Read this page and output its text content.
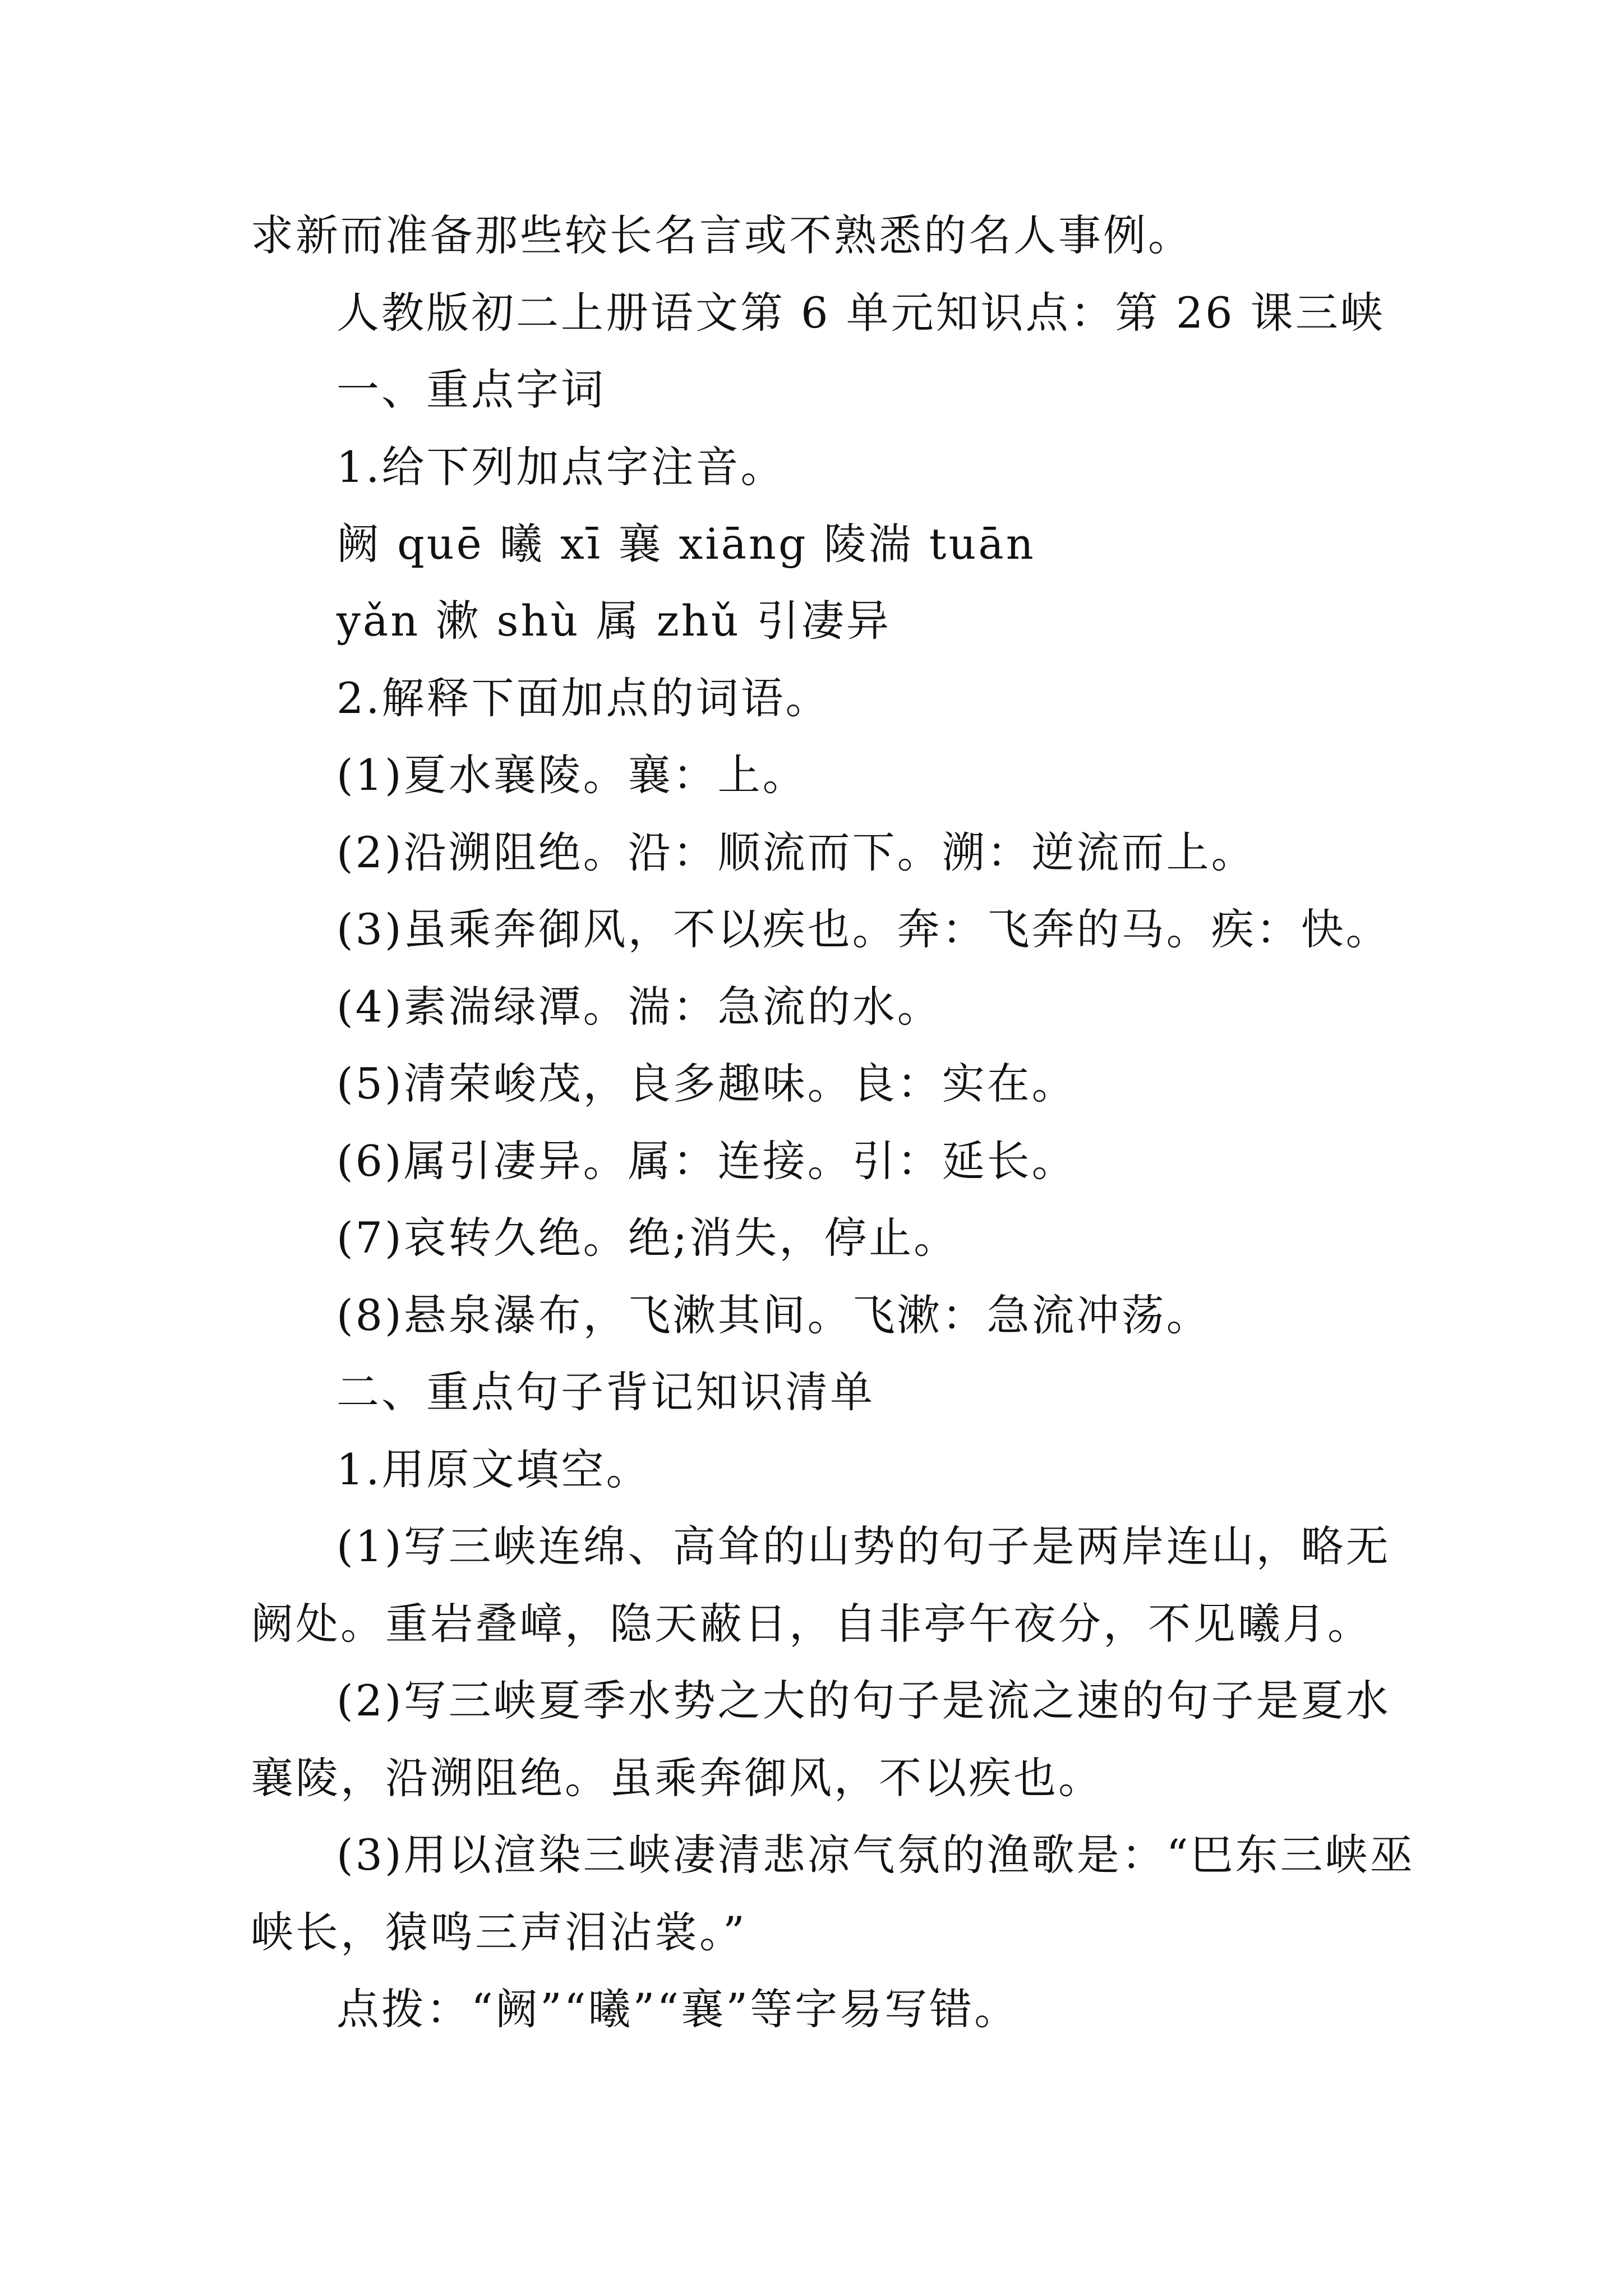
求新而准备那些较长名言或不熟悉的名人事例。
人教版初二上册语文第 6 单元知识点：第 26 课三峡
一、重点字词
1.给下列加点字注音。
阙 quē 曦 xī 襄 xiāng 陵湍 tuān
yǎn 漱 shù 属 zhǔ 引凄异
2.解释下面加点的词语。
(1)夏水襄陵。襄：上。
(2)沿溯阻绝。沿：顺流而下。溯：逆流而上。
(3)虽乘奔御风，不以疾也。奔：飞奔的马。疾：快。
(4)素湍绿潭。湍：急流的水。
(5)清荣峻茂，良多趣味。良：实在。
(6)属引凄异。属：连接。引：延长。
(7)哀转久绝。绝;消失，停止。
(8)悬泉瀑布，飞漱其间。飞漱：急流冲荡。
二、重点句子背记知识清单
1.用原文填空。
(1)写三峡连绵、高耸的山势的句子是两岸连山，略无
阙处。重岩叠嶂，隐天蔽日，自非亭午夜分，不见曦月。
(2)写三峡夏季水势之大的句子是流之速的句子是夏水
襄陵，沿溯阻绝。虽乘奔御风，不以疾也。
(3)用以渲染三峡凄清悲凉气氛的渔歌是：“巴东三峡巫
峡长，猿鸣三声泪沾裳。”
点拨：“阙”“曦”“襄”等字易写错。
